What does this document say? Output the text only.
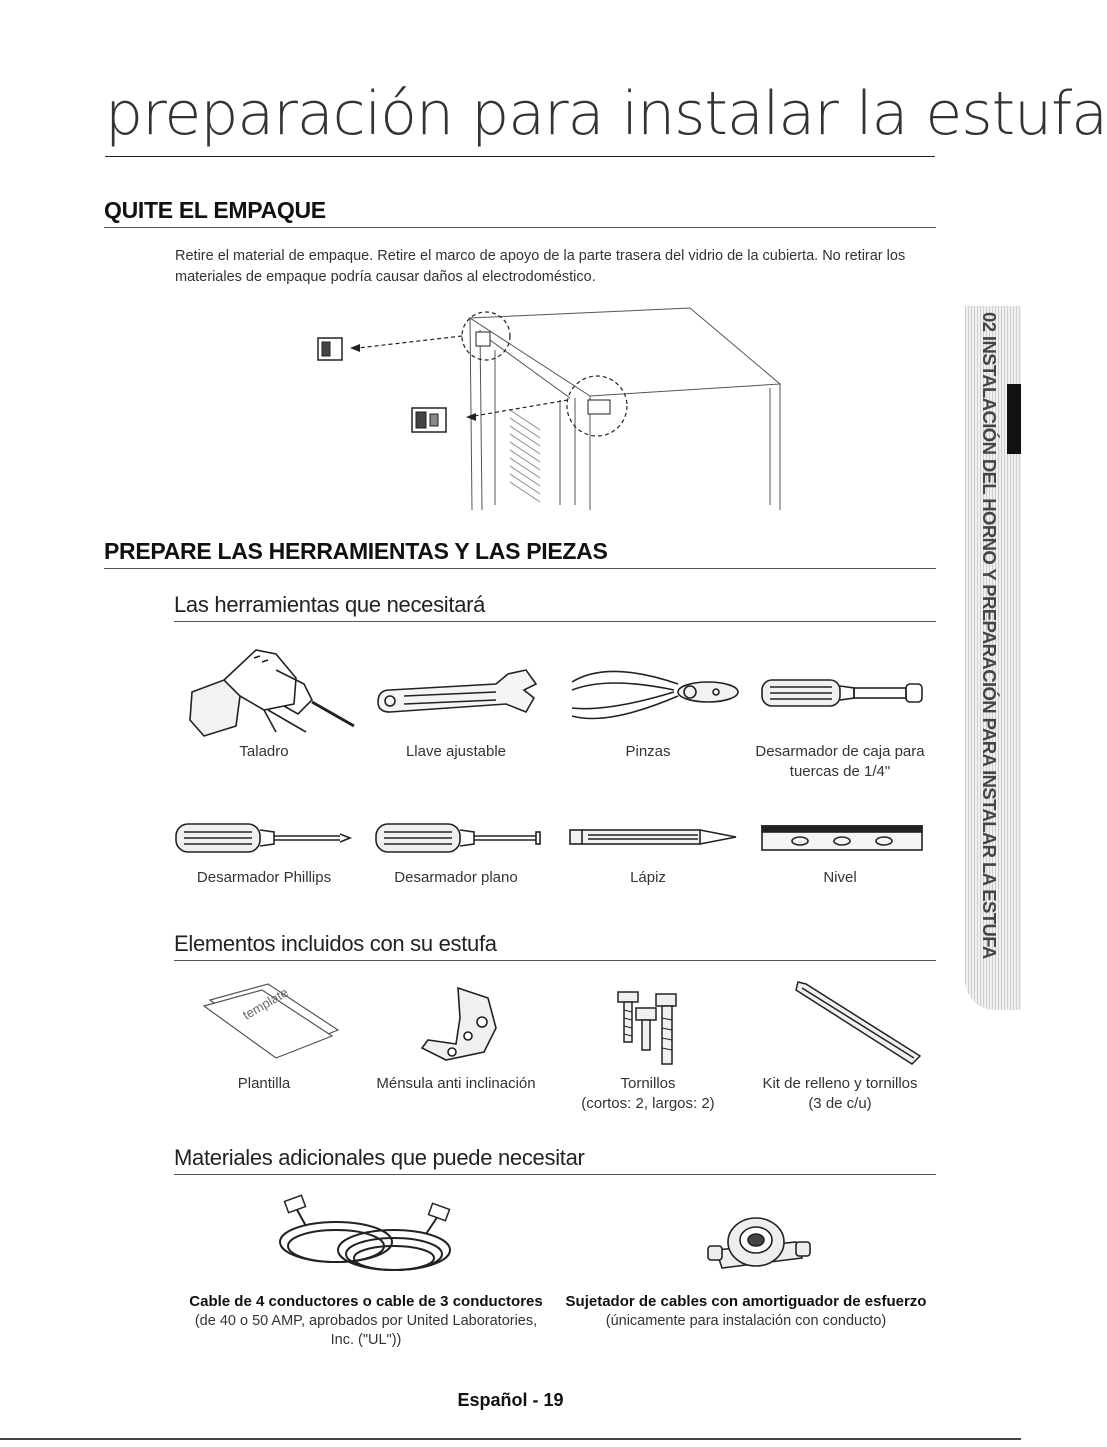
preparación para instalar la estufa
QUITE EL EMPAQUE
Retire el material de empaque. Retire el marco de apoyo de la parte trasera del vidrio de la cubierta. No retirar los materiales de empaque podría causar daños al electrodoméstico.
PREPARE LAS HERRAMIENTAS Y LAS PIEZAS
Las herramientas que necesitará
Taladro	Llave ajustable	Pinzas	Desarmador de caja para
tuercas de 1/4"
Desarmador Phillips	Desarmador plano	Lápiz	Nivel
Elementos incluidos con su estufa
template
Plantilla	Ménsula anti inclinación	Tornillos
(cortos: 2, largos: 2)
Kit de relleno y tornillos
(3 de c/u)
Materiales adicionales que puede necesitar
Cable de 4 conductores o cable de 3 conductores
(de 40 o 50 AMP, aprobados por United Laboratories,
Inc. ("UL"))
Sujetador de cables con amortiguador de esfuerzo
(únicamente para instalación con conducto)
02 INSTALACIÓN DEL HORNO Y PREPARACIÓN PARA INSTALAR LA ESTUFA
Español - 19
